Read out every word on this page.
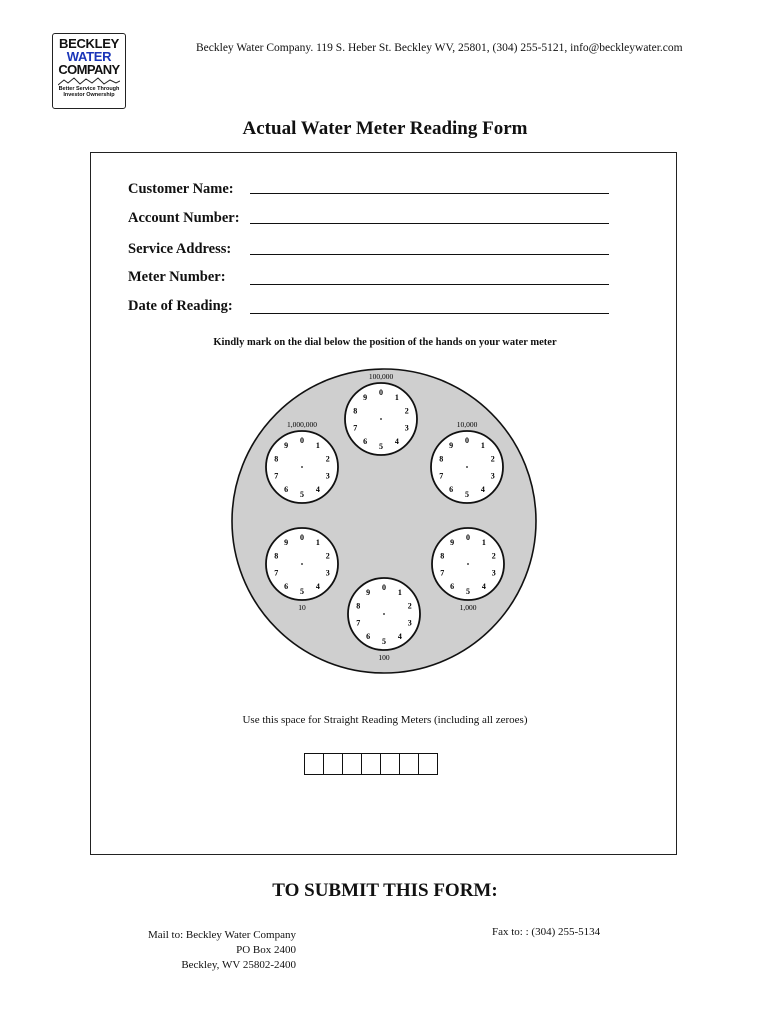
BECKLEY
WATER
COMPANY
Better Service Through
Investor Ownership
Beckley Water Company. 119 S. Heber St. Beckley WV, 25801, (304) 255-5121, info@beckleywater.com
Actual Water Meter Reading Form
Customer Name:
Account Number:
Service Address:
Meter Number:
Date of Reading:
Kindly mark on the dial below the position of the hands on your water meter
0
1
2
3
4
5
6
7
8
9
100,000
0
1
2
3
4
5
6
7
8
9
10,000
0
1
2
3
4
5
6
7
8
9
1,000
0
1
2
3
4
5
6
7
8
9
100
0
1
2
3
4
5
6
7
8
9
10
0
1
2
3
4
5
6
7
8
9
1,000,000
Use this space for Straight Reading Meters (including all zeroes)
TO SUBMIT THIS FORM:
Mail to: Beckley Water Company
PO Box 2400
Beckley, WV 25802-2400
Fax to: : (304) 255-5134
